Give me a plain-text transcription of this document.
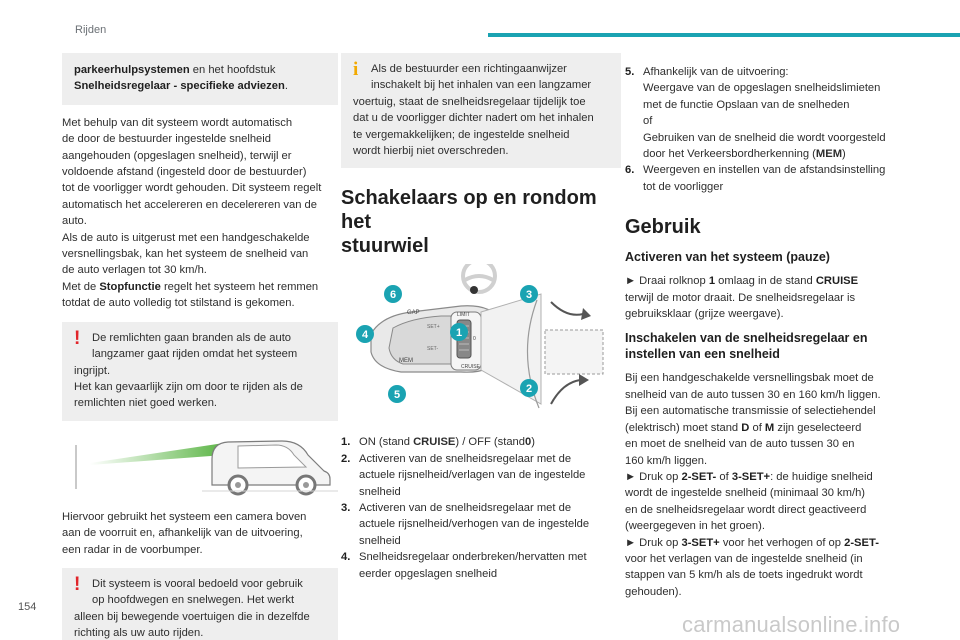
Rijden
parkeerhulpsystemen en het hoofdstuk
Snelheidsregelaar - specifieke adviezen.
Met behulp van dit systeem wordt automatisch
de door de bestuurder ingestelde snelheid
aangehouden (opgeslagen snelheid), terwijl er
voldoende afstand (ingesteld door de bestuurder)
tot de voorligger wordt gehouden. Dit systeem regelt
automatisch het accelereren en decelereren van de
auto.
Als de auto is uitgerust met een handgeschakelde
versnellingsbak, kan het systeem de snelheid van
de auto verlagen tot 30 km/h.
Met de Stopfunctie regelt het systeem het remmen
totdat de auto volledig tot stilstand is gekomen.
!	De remlichten gaan branden als de auto
langzamer gaat rijden omdat het systeem
ingrijpt.
Het kan gevaarlijk zijn om door te rijden als de
remlichten niet goed werken.
Hiervoor gebruikt het systeem een camera boven
aan de voorruit en, afhankelijk van de uitvoering,
een radar in de voorbumper.
!	Dit systeem is vooral bedoeld voor gebruik
op hoofdwegen en snelwegen. Het werkt
alleen bij bewegende voertuigen die in dezelfde
richting als uw auto rijden.
i	Als de bestuurder een richtingaanwijzer
inschakelt bij het inhalen van een langzamer
voertuig, staat de snelheidsregelaar tijdelijk toe
dat u de voorligger dichter nadert om het inhalen
te vergemakkelijken; de ingestelde snelheid
wordt hierbij niet overschreden.
Schakelaars op en rondom het
stuurwiel
GAP	LIMIT
CRUISE
MEM
SET+
SET-
0
6
4
5
1
3
2
1. ON (stand CRUISE) / OFF (stand0)
2. Activeren van de snelheidsregelaar met de
actuele rijsnelheid/verlagen van de ingestelde
snelheid
3. Activeren van de snelheidsregelaar met de
actuele rijsnelheid/verhogen van de ingestelde
snelheid
4. Snelheidsregelaar onderbreken/hervatten met
eerder opgeslagen snelheid
5. Afhankelijk van de uitvoering:
Weergave van de opgeslagen snelheidslimieten
met de functie Opslaan van de snelheden
of
Gebruiken van de snelheid die wordt voorgesteld
door het Verkeersbordherkenning (MEM)
6. Weergeven en instellen van de afstandsinstelling
tot de voorligger
Gebruik
Activeren van het systeem (pauze)
► Draai rolknop 1 omlaag in de stand CRUISE
terwijl de motor draait. De snelheidsregelaar is
gebruiksklaar (grijze weergave).
Inschakelen van de snelheidsregelaar en
instellen van een snelheid
Bij een handgeschakelde versnellingsbak moet de
snelheid van de auto tussen 30 en 160 km/h liggen.
Bij een automatische transmissie of selectiehendel
(elektrisch) moet stand D of M zijn geselecteerd
en moet de snelheid van de auto tussen 30 en
160 km/h liggen.
► Druk op 2-SET- of 3-SET+: de huidige snelheid
wordt de ingestelde snelheid (minimaal 30 km/h)
en de snelheidsregelaar wordt direct geactiveerd
(weergegeven in het groen).
► Druk op 3-SET+ voor het verhogen of op 2-SET-
voor het verlagen van de ingestelde snelheid (in
stappen van 5 km/h als de toets ingedrukt wordt
gehouden).
154
carmanualsonline.info
